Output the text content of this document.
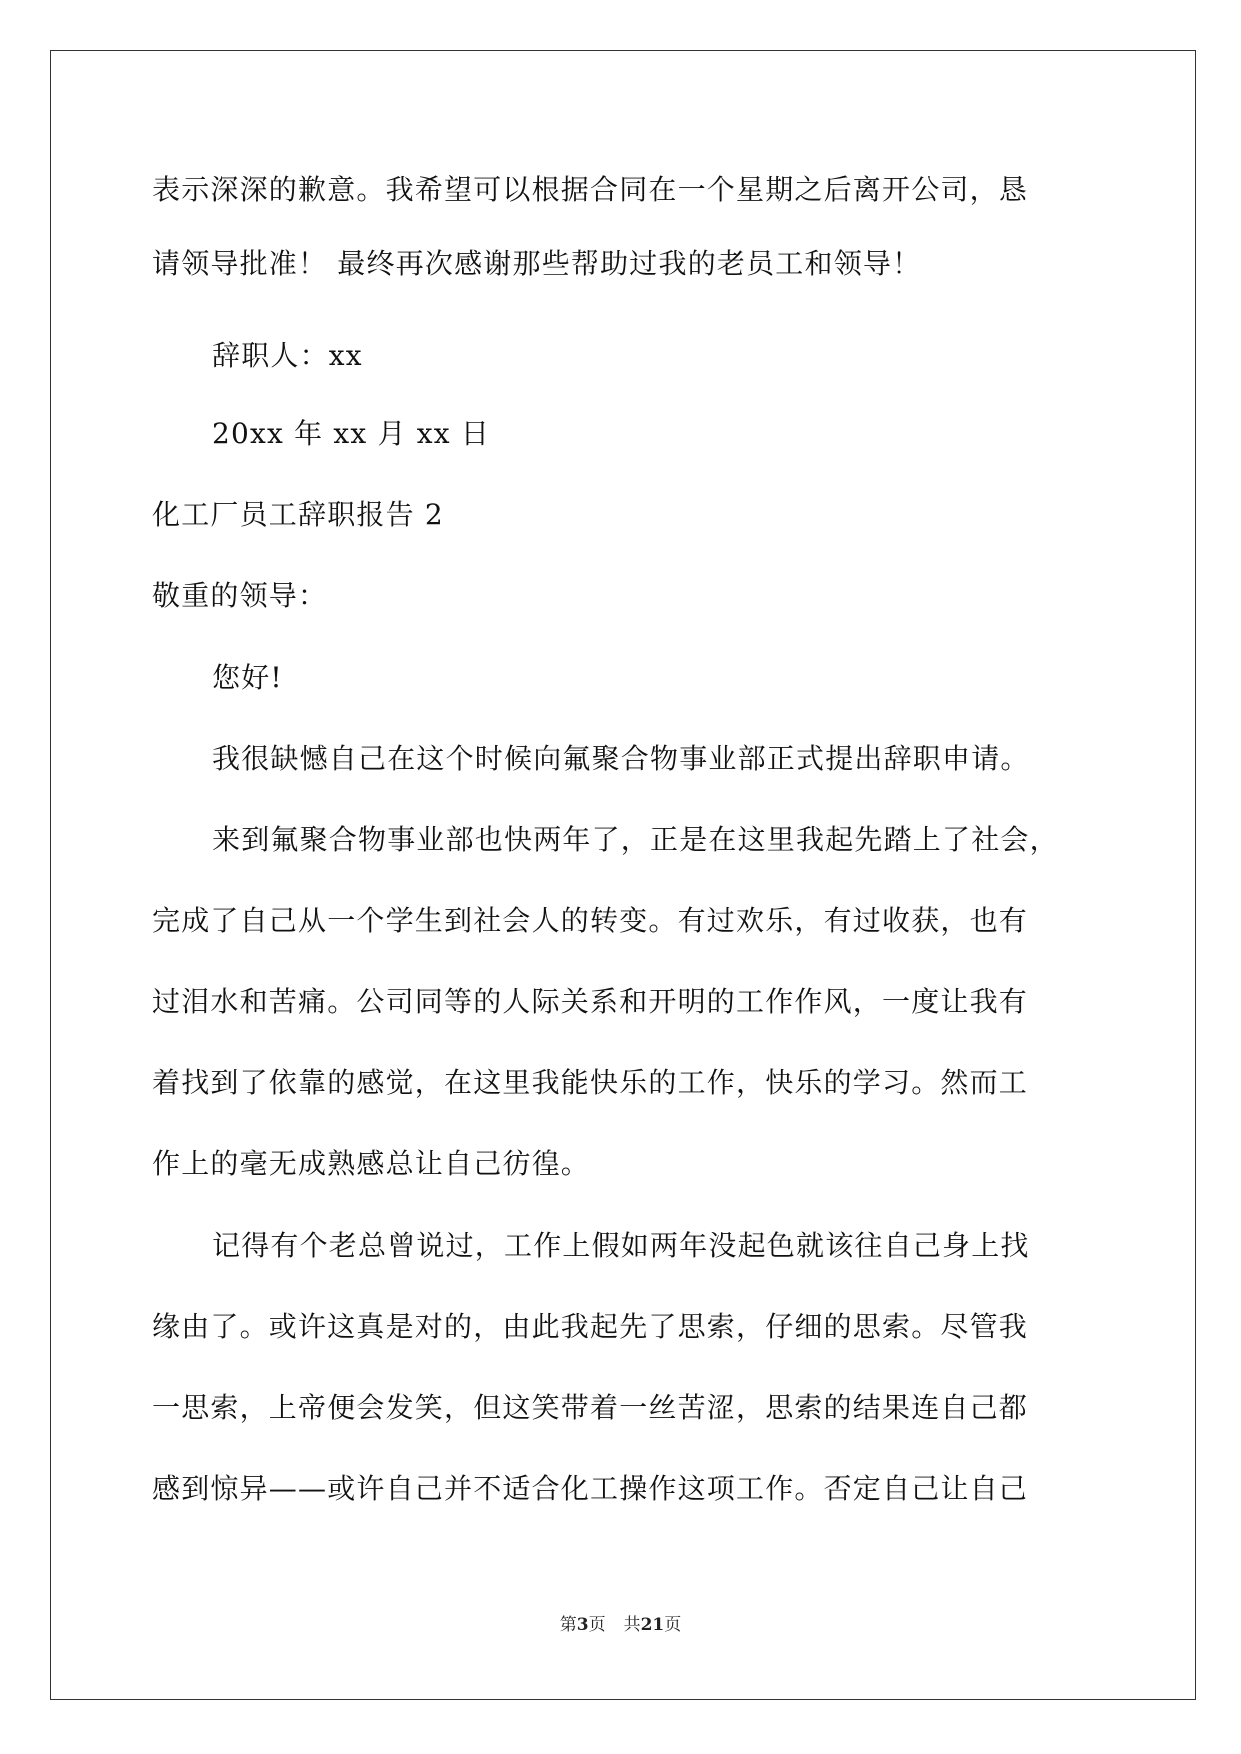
表示深深的歉意。我希望可以根据合同在一个星期之后离开公司，恳
请领导批准！ 最终再次感谢那些帮助过我的老员工和领导！
辞职人：xx
20xx 年 xx 月 xx 日
化工厂员工辞职报告 2
敬重的领导：
您好!
我很缺憾自己在这个时候向氟聚合物事业部正式提出辞职申请。
来到氟聚合物事业部也快两年了，正是在这里我起先踏上了社会，
完成了自己从一个学生到社会人的转变。有过欢乐，有过收获，也有
过泪水和苦痛。公司同等的人际关系和开明的工作作风，一度让我有
着找到了依靠的感觉，在这里我能快乐的工作，快乐的学习。然而工
作上的毫无成熟感总让自己彷徨。
记得有个老总曾说过，工作上假如两年没起色就该往自己身上找
缘由了。或许这真是对的，由此我起先了思索，仔细的思索。尽管我
一思索，上帝便会发笑，但这笑带着一丝苦涩，思索的结果连自己都
感到惊异——或许自己并不适合化工操作这项工作。否定自己让自己
第3页 共21页
